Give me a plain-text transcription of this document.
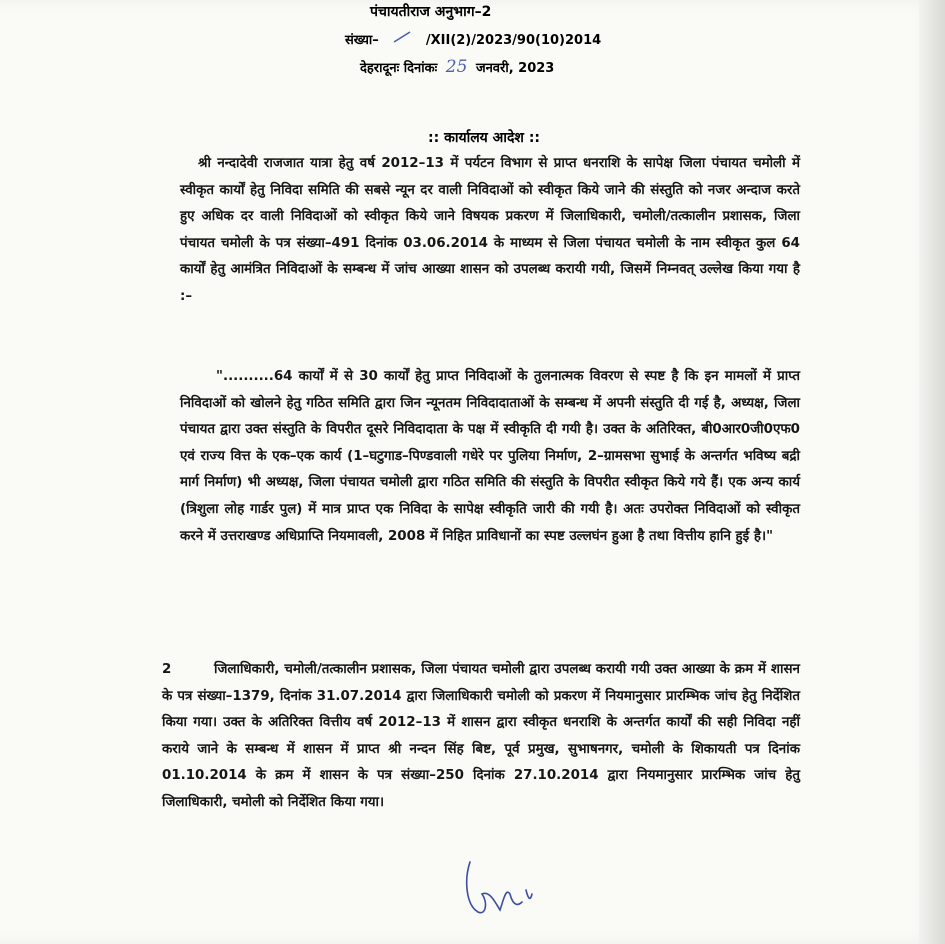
पंचायतीराज अनुभाग–2
संख्या–	/XII(2)/2023/90(10)2014
देहरादूनः दिनांकः 25 जनवरी, 2023
:: कार्यालय आदेश ::
श्री नन्दादेवी राजजात यात्रा हेतु वर्ष 2012–13 में पर्यटन विभाग से प्राप्त धनराशि के सापेक्ष जिला पंचायत चमोली में स्वीकृत कार्यों हेतु निविदा समिति की सबसे न्यून दर वाली निविदाओं को स्वीकृत किये जाने की संस्तुति को नजर अन्दाज करते हुए अधिक दर वाली निविदाओं को स्वीकृत किये जाने विषयक प्रकरण में जिलाधिकारी, चमोली/तत्कालीन प्रशासक, जिला पंचायत चमोली के पत्र संख्या–491 दिनांक 03.06.2014 के माध्यम से जिला पंचायत चमोली के नाम स्वीकृत कुल 64 कार्यों हेतु आमंत्रित निविदाओं के सम्बन्ध में जांच आख्या शासन को उपलब्ध करायी गयी, जिसमें निम्नवत् उल्लेख किया गया है :–
"..........64 कार्यों में से 30 कार्यों हेतु प्राप्त निविदाओं के तुलनात्मक विवरण से स्पष्ट है कि इन मामलों में प्राप्त निविदाओं को खोलने हेतु गठित समिति द्वारा जिन न्यूनतम निविदादाताओं के सम्बन्ध में अपनी संस्तुति दी गई है, अध्यक्ष, जिला पंचायत द्वारा उक्त संस्तुति के विपरीत दूसरे निविदादाता के पक्ष में स्वीकृति दी गयी है। उक्त के अतिरिक्त, बी0आर0जी0एफ0 एवं राज्य वित्त के एक–एक कार्य (1–घटुगाड–पिण्डवाली गधेरे पर पुलिया निर्माण, 2–ग्रामसभा सुभाई के अन्तर्गत भविष्य बद्री मार्ग निर्माण) भी अध्यक्ष, जिला पंचायत चमोली द्वारा गठित समिति की संस्तुति के विपरीत स्वीकृत किये गये हैं। एक अन्य कार्य (त्रिशुला लोह गार्डर पुल) में मात्र प्राप्त एक निविदा के सापेक्ष स्वीकृति जारी की गयी है। अतः उपरोक्त निविदाओं को स्वीकृत करने में उत्तराखण्ड अधिप्राप्ति नियमावली, 2008 में निहित प्राविधानों का स्पष्ट उल्लघंन हुआ है तथा वित्तीय हानि हुई है।"
2	जिलाधिकारी, चमोली/तत्कालीन प्रशासक, जिला पंचायत चमोली द्वारा उपलब्ध करायी गयी उक्त आख्या के क्रम में शासन के पत्र संख्या–1379, दिनांक 31.07.2014 द्वारा जिलाधिकारी चमोली को प्रकरण में नियमानुसार प्रारम्भिक जांच हेतु निर्देशित किया गया। उक्त के अतिरिक्त वित्तीय वर्ष 2012–13 में शासन द्वारा स्वीकृत धनराशि के अन्तर्गत कार्यों की सही निविदा नहीं कराये जाने के सम्बन्ध में शासन में प्राप्त श्री नन्दन सिंह बिष्ट, पूर्व प्रमुख, सुभाषनगर, चमोली के शिकायती पत्र दिनांक 01.10.2014 के क्रम में शासन के पत्र संख्या–250 दिनांक 27.10.2014 द्वारा नियमानुसार प्रारम्भिक जांच हेतु जिलाधिकारी, चमोली को निर्देशित किया गया।
